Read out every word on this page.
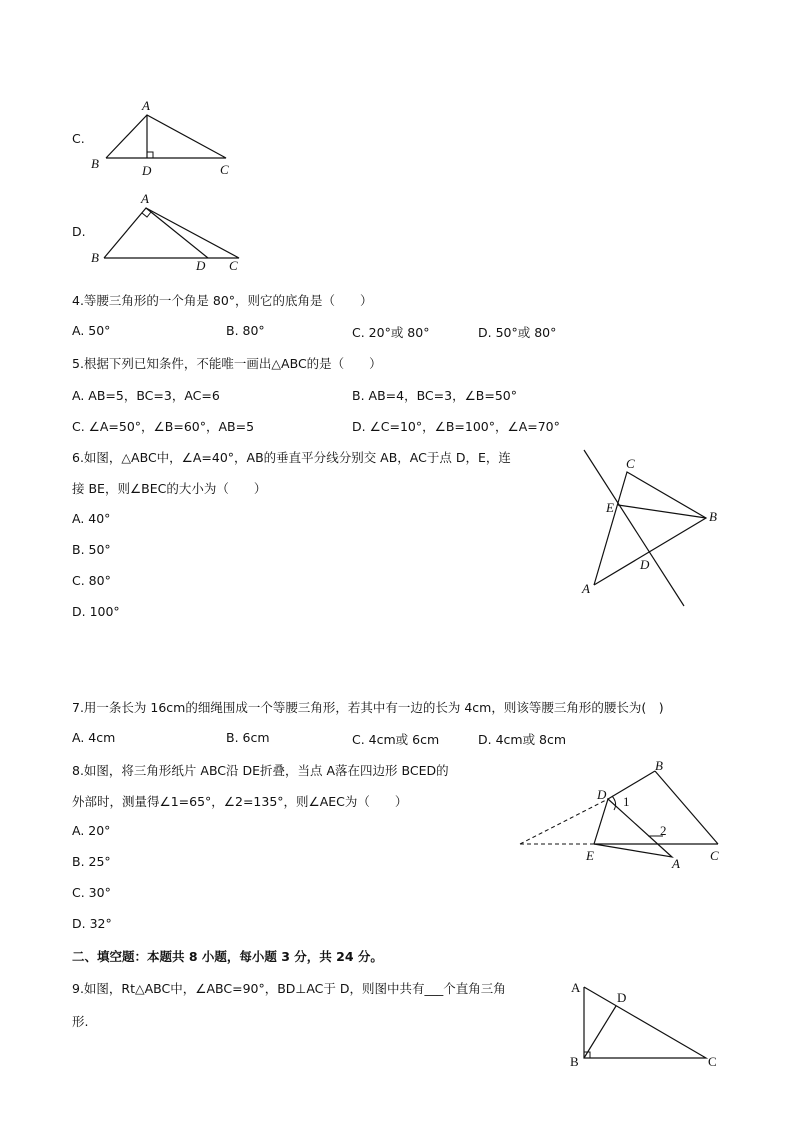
C.
A
B	C
D
D.
A
B
C
D
4.等腰三角形的一个角是 80°，则它的底角是（　　）
A. 50°	B. 80°	C. 20°或 80°	D. 50°或 80°
5.根据下列已知条件，不能唯一画出△ABC的是（　　）
A. AB=5，BC=3，AC=6	B. AB=4，BC=3，∠B=50°
C. ∠A=50°，∠B=60°，AB=5	D. ∠C=10°，∠B=100°，∠A=70°
6.如图，△ABC中，∠A=40°，AB的垂直平分线分别交 AB，AC于点 D，E，连
接 BE，则∠BEC的大小为（　　）
A. 40°
B. 50°
C. 80°
D. 100°
C
E
B
D
A
7.用一条长为 16cm的细绳围成一个等腰三角形，若其中有一边的长为 4cm，则该等腰三角形的腰长为(　)
A. 4cm	B. 6cm	C. 4cm或 6cm	D. 4cm或 8cm
8.如图，将三角形纸片 ABC沿 DE折叠，当点 A落在四边形 BCED的
外部时，测量得∠1=65°，∠2=135°，则∠AEC为（　　）
A. 20°
B. 25°
C. 30°
D. 32°
B
D 1
2
E	C
A
二、填空题：本题共 8 小题，每小题 3 分，共 24 分。
9.如图，Rt△ABC中，∠ABC=90°，BD⊥AC于 D，则图中共有___个直角三角
形.
A
D
B	C
